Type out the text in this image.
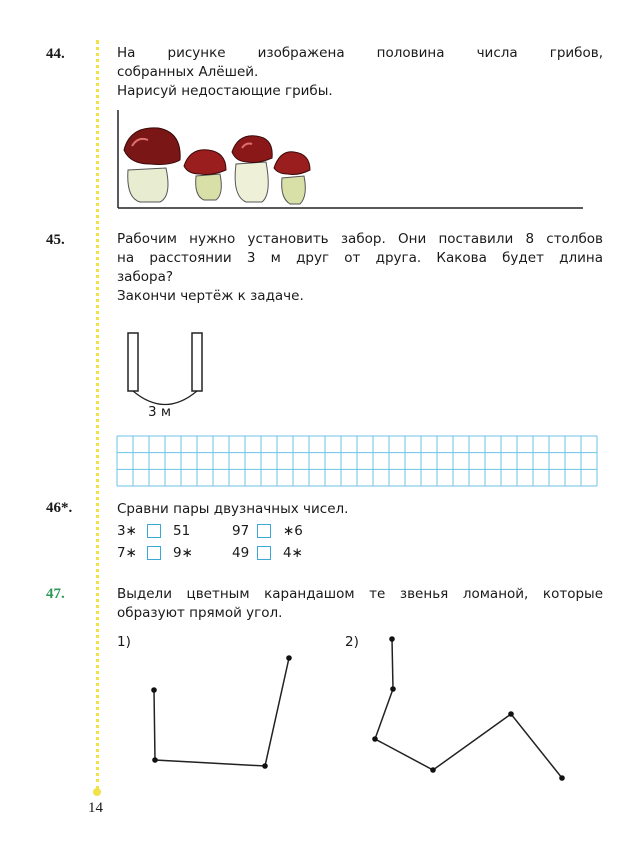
44.	На рисунке изображена половина числа грибов,
собранных Алёшей.
Нарисуй недостающие грибы.
45.	Рабочим нужно установить забор. Они поставили 8 столбов
на расстоянии 3 м друг от друга. Какова будет длина
забора?
Закончи чертёж к задаче.
3 м
46*.	Сравни пары двузначных чисел.
3∗	51	97	∗6
7∗	9∗	49	4∗
47.	Выдели цветным карандашом те звенья ломаной, которые
образуют прямой угол.
1)	2)
14
